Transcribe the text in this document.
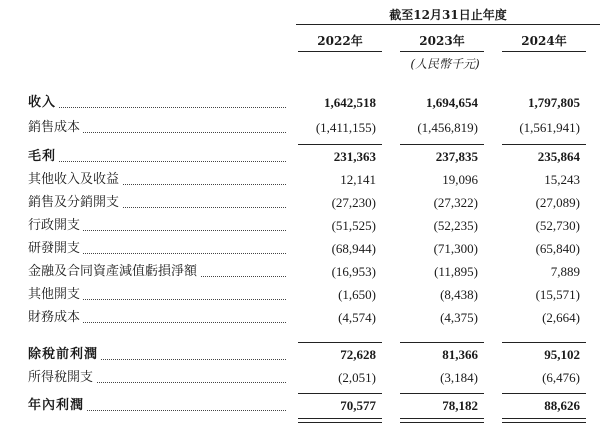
截至12月31日止年度
2022年	2023年	2024年
(人民幣千元)
收入	1,642,518	1,694,654	1,797,805
銷售成本	(1,411,155)	(1,456,819)	(1,561,941)
毛利	231,363	237,835	235,864
其他收入及收益	12,141	19,096	15,243
銷售及分銷開支	(27,230)	(27,322)	(27,089)
行政開支	(51,525)	(52,235)	(52,730)
研發開支	(68,944)	(71,300)	(65,840)
金融及合同資產減值虧損淨額	(16,953)	(11,895)	7,889
其他開支	(1,650)	(8,438)	(15,571)
財務成本	(4,574)	(4,375)	(2,664)
除稅前利潤	72,628	81,366	95,102
所得稅開支	(2,051)	(3,184)	(6,476)
年內利潤	70,577	78,182	88,626
